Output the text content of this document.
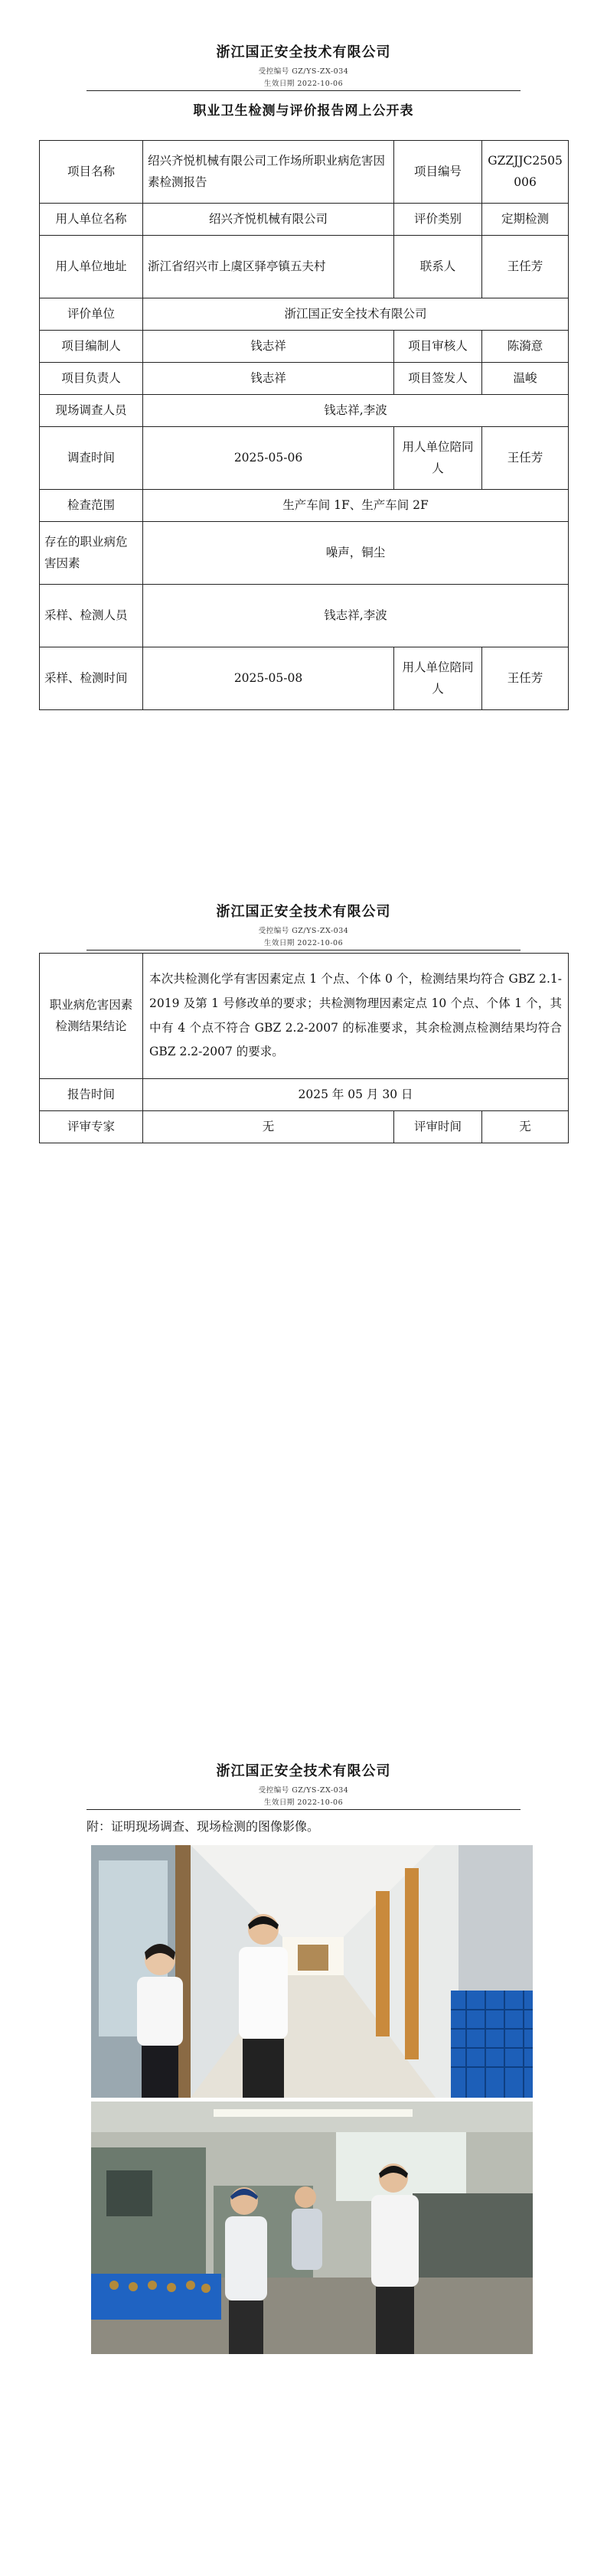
浙江国正安全技术有限公司
受控编号 GZ/YS-ZX-034
生效日期 2022-10-06
职业卫生检测与评价报告网上公开表
项目名称	绍兴齐悦机械有限公司工作场所职业病危害因素检测报告	项目编号	GZZJJC2505006
用人单位名称	绍兴齐悦机械有限公司	评价类别	定期检测
用人单位地址	浙江省绍兴市上虞区驿亭镇五夫村	联系人	王任芳
评价单位	浙江国正安全技术有限公司		
项目编制人	钱志祥	项目审核人	陈漪意
项目负责人	钱志祥	项目签发人	温峻
现场调查人员	钱志祥,李波		
调查时间	2025-05-06	用人单位陪同人	王任芳
检查范围	生产车间 1F、生产车间 2F		
存在的职业病危害因素	噪声，铜尘		
采样、检测人员	钱志祥,李波		
采样、检测时间	2025-05-08	用人单位陪同人	王任芳
浙江国正安全技术有限公司
受控编号 GZ/YS-ZX-034
生效日期 2022-10-06
职业病危害因素检测结果结论	本次共检测化学有害因素定点 1 个点、个体 0 个，检测结果均符合 GBZ 2.1-2019 及第 1 号修改单的要求；共检测物理因素定点 10 个点、个体 1 个，其中有 4 个点不符合 GBZ 2.2-2007 的标准要求，其余检测点检测结果均符合 GBZ 2.2-2007 的要求。		
报告时间	2025 年 05 月 30 日		
评审专家	无	评审时间	无
浙江国正安全技术有限公司
受控编号 GZ/YS-ZX-034
生效日期 2022-10-06
附：证明现场调查、现场检测的图像影像。
